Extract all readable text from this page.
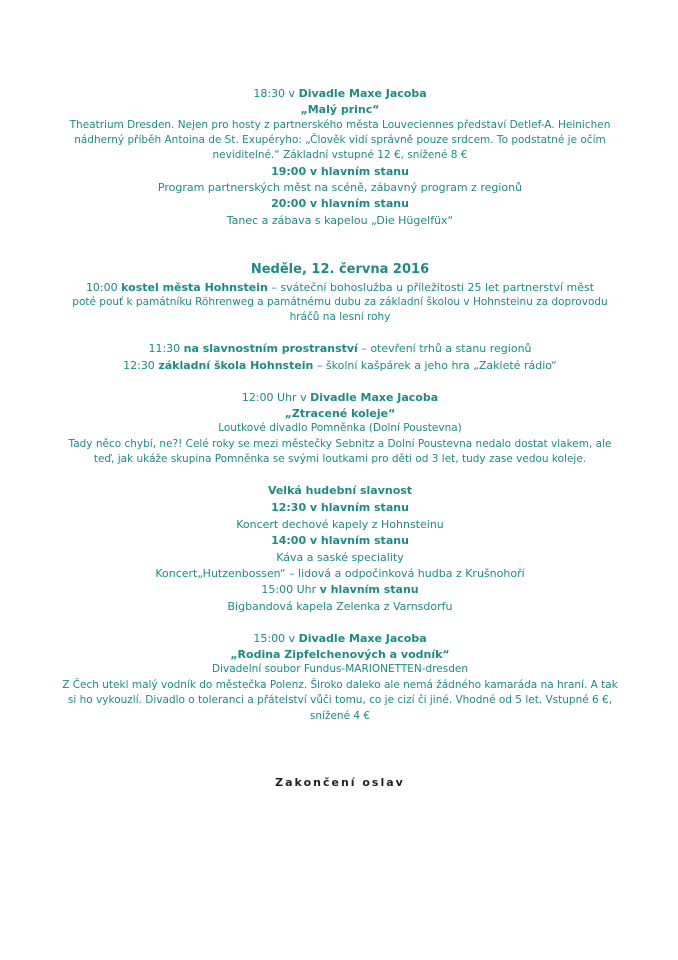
18:30 v Divadle Maxe Jacoba
„Malý princ“
Theatrium Dresden. Nejen pro hosty z partnerského města Louveciennes představí Detlef-A. Heinichen
nádherný příběh Antoina de St. Exupéryho: „Člověk vidí správně pouze srdcem. To podstatné je očím
neviditelné.“ Základní vstupné 12 €, snížené 8 €
19:00 v hlavním stanu
Program partnerských měst na scéně, zábavný program z regionů
20:00 v hlavním stanu
Tanec a zábava s kapelou „Die Hügelfüx“
Neděle, 12. června 2016
10:00 kostel města Hohnstein – sváteční bohoslužba u příležitosti 25 let partnerství měst
poté pouť k památníku Röhrenweg a památnému dubu za základní školou v Hohnsteinu za doprovodu
hráčů na lesní rohy
11:30 na slavnostním prostranství – otevření trhů a stanu regionů
12:30 základní škola Hohnstein – školní kašpárek a jeho hra „Zakleté rádio“
12:00 Uhr v Divadle Maxe Jacoba
„Ztracené koleje“
Loutkové divadlo Pomněnka (Dolní Poustevna)
Tady něco chybí, ne?! Celé roky se mezi městečky Sebnitz a Dolní Poustevna nedalo dostat vlakem, ale
teď, jak ukáže skupina Pomněnka se svými loutkami pro děti od 3 let, tudy zase vedou koleje.
Velká hudební slavnost
12:30 v hlavním stanu
Koncert dechové kapely z Hohnsteinu
14:00 v hlavním stanu
Káva a saské speciality
Koncert„Hutzenbossen“ – lidová a odpočinková hudba z Krušnohoří
15:00 Uhr v hlavním stanu
Bigbandová kapela Zelenka z Varnsdorfu
15:00 v Divadle Maxe Jacoba
„Rodina Zipfelchenových a vodník“
Divadelní soubor Fundus-MARIONETTEN-dresden
Z Čech utekl malý vodník do městečka Polenz. Široko daleko ale nemá žádného kamaráda na hraní. A tak
si ho vykouzlí. Divadlo o toleranci a přátelství vůči tomu, co je cizí či jiné. Vhodné od 5 let. Vstupné 6 €,
snížené 4 €
Zakončení oslav
